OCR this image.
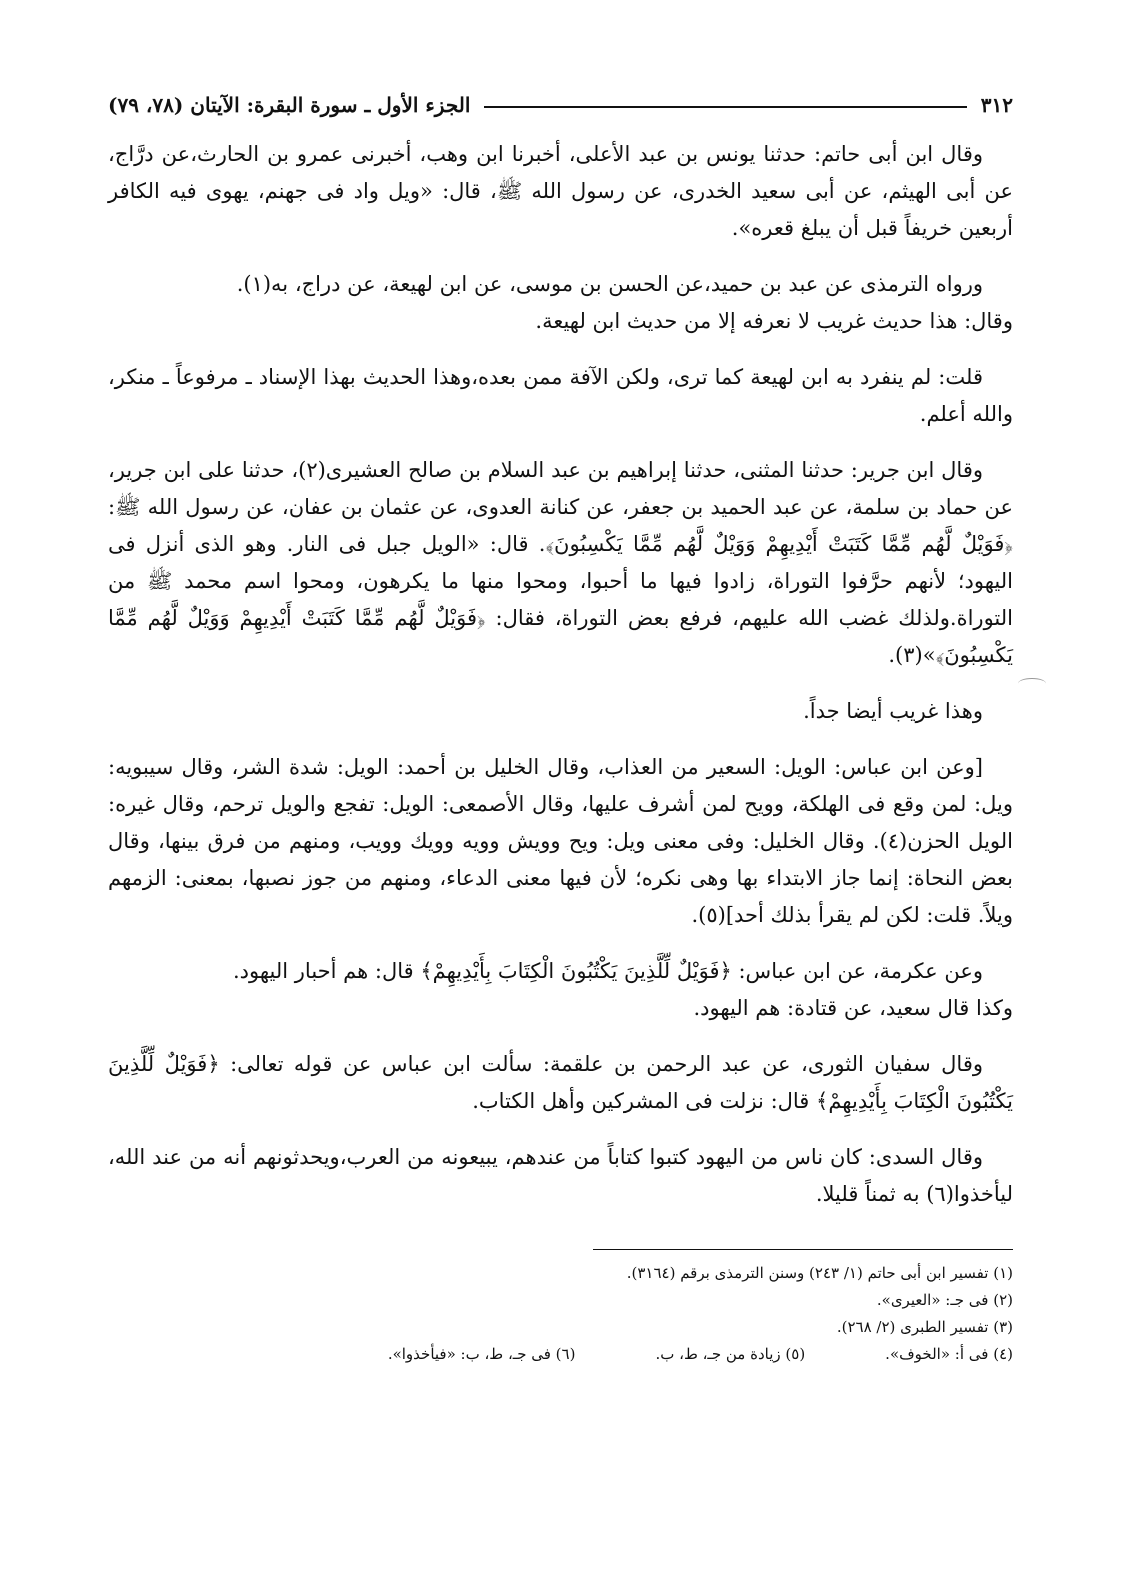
٣١٢
الجزء الأول ـ سورة البقرة: الآيتان (٧٨، ٧٩)

وقال ابن أبى حاتم: حدثنا يونس بن عبد الأعلى، أخبرنا ابن وهب، أخبرنى عمرو بن الحارث،عن درَّاج، عن أبى الهيثم، عن أبى سعيد الخدرى، عن رسول الله ﷺ، قال: «ويل واد فى جهنم، يهوى فيه الكافر أربعين خريفاً قبل أن يبلغ قعره».

ورواه الترمذى عن عبد بن حميد،عن الحسن بن موسى، عن ابن لهيعة، عن دراج، به(١).

وقال: هذا حديث غريب لا نعرفه إلا من حديث ابن لهيعة.

قلت: لم ينفرد به ابن لهيعة كما ترى، ولكن الآفة ممن بعده،وهذا الحديث بهذا الإسناد ـ مرفوعاً ـ منكر، والله أعلم.

وقال ابن جرير: حدثنا المثنى، حدثنا إبراهيم بن عبد السلام بن صالح العشيرى(٢)، حدثنا على ابن جرير، عن حماد بن سلمة، عن عبد الحميد بن جعفر، عن كنانة العدوى، عن عثمان بن عفان، عن رسول الله ﷺ: ﴿فَوَيْلٌ لَّهُم مِّمَّا كَتَبَتْ أَيْدِيهِمْ وَوَيْلٌ لَّهُم مِّمَّا يَكْسِبُونَ﴾. قال: «الويل جبل فى النار. وهو الذى أنزل فى اليهود؛ لأنهم حرَّفوا التوراة، زادوا فيها ما أحبوا، ومحوا منها ما يكرهون، ومحوا اسم محمد ﷺ من التوراة.ولذلك غضب الله عليهم، فرفع بعض التوراة، فقال: ﴿فَوَيْلٌ لَّهُم مِّمَّا كَتَبَتْ أَيْدِيهِمْ وَوَيْلٌ لَّهُم مِّمَّا يَكْسِبُونَ﴾»(٣).

وهذا غريب أيضا جداً.

[وعن ابن عباس: الويل: السعير من العذاب، وقال الخليل بن أحمد: الويل: شدة الشر، وقال سيبويه: ويل: لمن وقع فى الهلكة، وويح لمن أشرف عليها، وقال الأصمعى: الويل: تفجع والويل ترحم، وقال غيره: الويل الحزن(٤). وقال الخليل: وفى معنى ويل: ويح وويش وويه وويك وويب، ومنهم من فرق بينها، وقال بعض النحاة: إنما جاز الابتداء بها وهى نكره؛ لأن فيها معنى الدعاء، ومنهم من جوز نصبها، بمعنى: الزمهم ويلاً. قلت: لكن لم يقرأ بذلك أحد](٥).

وعن عكرمة، عن ابن عباس: ﴿فَوَيْلٌ لِّلَّذِينَ يَكْتُبُونَ الْكِتَابَ بِأَيْدِيهِمْ﴾ قال: هم أحبار اليهود.

وكذا قال سعيد، عن قتادة: هم اليهود.

وقال سفيان الثورى، عن عبد الرحمن بن علقمة: سألت ابن عباس عن قوله تعالى: ﴿فَوَيْلٌ لِّلَّذِينَ يَكْتُبُونَ الْكِتَابَ بِأَيْدِيهِمْ﴾ قال: نزلت فى المشركين وأهل الكتاب.

وقال السدى: كان ناس من اليهود كتبوا كتاباً من عندهم، يبيعونه من العرب،ويحدثونهم أنه من عند الله، ليأخذوا(٦) به ثمناً قليلا.

(١) تفسير ابن أبى حاتم (١/ ٢٤٣) وسنن الترمذى برقم (٣١٦٤).

(٢) فى جـ: «العيرى».

(٣) تفسير الطبرى (٢/ ٢٦٨).

(٤) فى أ: «الخوف».
(٥) زيادة من جـ، ط، ب.
(٦) فى جـ، ط، ب: «فيأخذوا».
